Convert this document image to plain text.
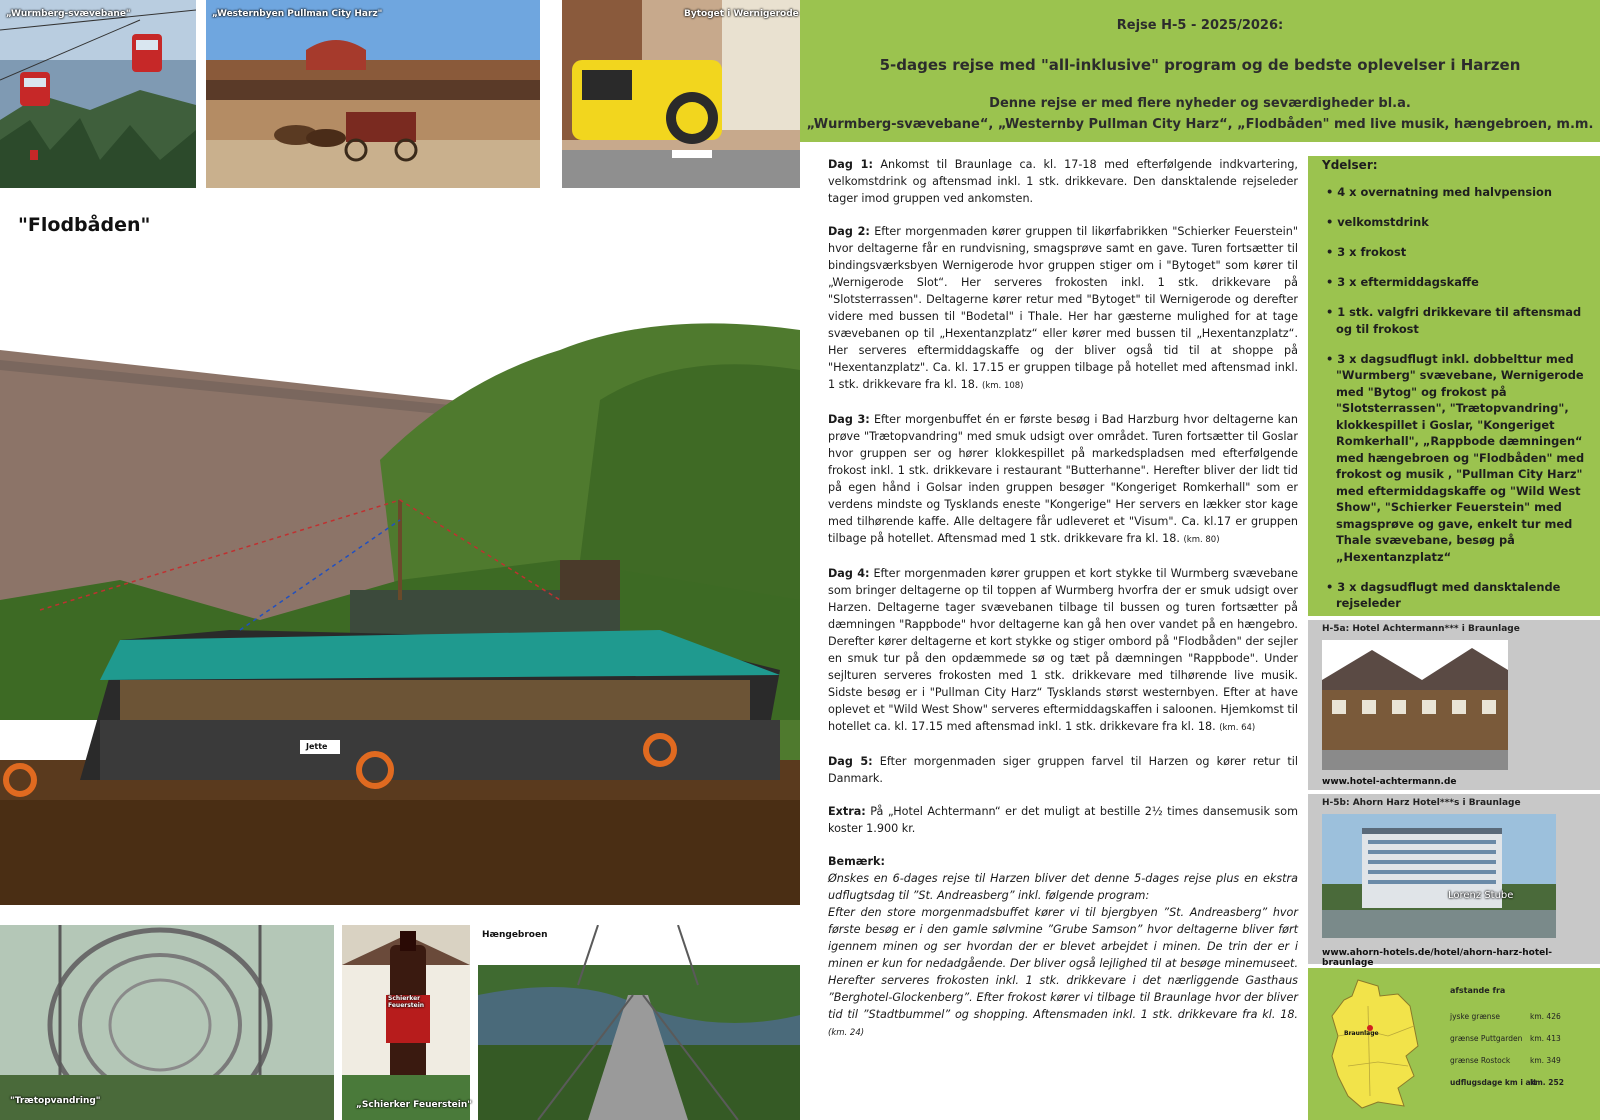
„Wurmberg-svævebane"	„Westernbyen Pullman City Harz"	Bytoget i Wernigerode
"Flodbåden"
Jette
"Trætopvandring"
Schierker Feuerstein
„Schierker Feuerstein"
Hængebroen
Rejse H-5 - 2025/2026:
5-dages rejse med "all-inklusive" program og de bedste oplevelser i Harzen
Denne rejse er med flere nyheder og seværdigheder bl.a.
„Wurmberg-svævebane“, „Westernby Pullman City Harz“, „Flodbåden" med live musik, hængebroen, m.m.

Dag 1: Ankomst til Braunlage ca. kl. 17-18 med efterfølgende indkvartering, velkomstdrink og aftensmad inkl. 1 stk. drikkevare. Den dansktalende rejseleder tager imod gruppen ved ankomsten.

Dag 2: Efter morgenmaden kører gruppen til likørfabrikken "Schierker Feuerstein" hvor deltagerne får en rundvisning, smagsprøve samt en gave. Turen fortsætter til bindingsværksbyen Wernigerode hvor gruppen stiger om i "Bytoget" som kører til „Wernigerode Slot“. Her serveres frokosten inkl. 1 stk. drikkevare på "Slotsterrassen". Deltagerne kører retur med "Bytoget" til Wernigerode og derefter videre med bussen til "Bodetal" i Thale. Her har gæsterne mulighed for at tage svævebanen op til „Hexentanzplatz“ eller kører med bussen til „Hexentanzplatz“. Her serveres eftermiddagskaffe og der bliver også tid til at shoppe på "Hexentanzplatz". Ca. kl. 17.15 er gruppen tilbage på hotellet med aftensmad inkl. 1 stk. drikkevare fra kl. 18. (km. 108)

Dag 3: Efter morgenbuffet én er første besøg i Bad Harzburg hvor deltagerne kan prøve "Trætopvandring" med smuk udsigt over området. Turen fortsætter til Goslar hvor gruppen ser og hører klokkespillet på markedspladsen med efterfølgende frokost inkl. 1 stk. drikkevare i restaurant "Butterhanne". Herefter bliver der lidt tid på egen hånd i Golsar inden gruppen besøger "Kongeriget Romkerhall" som er verdens mindste og Tysklands eneste "Kongerige" Her servers en lækker stor kage med tilhørende kaffe. Alle deltagere får udleveret et "Visum". Ca. kl.17 er gruppen tilbage på hotellet. Aftensmad med 1 stk. drikkevare fra kl. 18. (km. 80)

Dag 4: Efter morgenmaden kører gruppen et kort stykke til Wurmberg svævebane som bringer deltagerne op til toppen af Wurmberg hvorfra der er smuk udsigt over Harzen. Deltagerne tager svævebanen tilbage til bussen og turen fortsætter på dæmningen "Rappbode" hvor deltagerne kan gå hen over vandet på en hængebro. Derefter kører deltagerne et kort stykke og stiger ombord på "Flodbåden" der sejler en smuk tur på den opdæmmede sø og tæt på dæmningen "Rappbode". Under sejlturen serveres frokosten med 1 stk. drikkevare med tilhørende live musik. Sidste besøg er i "Pullman City Harz“ Tysklands størst westernbyen. Efter at have oplevet et "Wild West Show" serveres eftermiddagskaffen i saloonen. Hjemkomst til hotellet ca. kl. 17.15 med aftensmad inkl. 1 stk. drikkevare fra kl. 18. (km. 64)

Dag 5: Efter morgenmaden siger gruppen farvel til Harzen og kører retur til Danmark.

Extra: På „Hotel Achtermann“ er det muligt at bestille 2½ times dansemusik som koster 1.900 kr.

Bemærk:
Ønskes en 6-dages rejse til Harzen bliver det denne 5-dages rejse plus en ekstra udflugtsdag til ”St. Andreasberg” inkl. følgende program:
Efter den store morgenmadsbuffet kører vi til bjergbyen ”St. Andreasberg” hvor første besøg er i den gamle sølvmine ”Grube Samson” hvor deltagerne bliver ført igennem minen og ser hvordan der er blevet arbejdet i minen. De trin der er i minen er kun for nedadgående. Der bliver også lejlighed til at besøge minemuseet. Herefter serveres frokosten inkl. 1 stk. drikkevare i det nærliggende Gasthaus ”Berghotel-Glockenberg”. Efter frokost kører vi tilbage til Braunlage hvor der bliver tid til ”Stadtbummel” og shopping. Aftensmaden inkl. 1 stk. drikkevare fra kl. 18. (km. 24)
Ydelser:
• 4 x overnatning med halvpension
• velkomstdrink
• 3 x frokost
• 3 x eftermiddagskaffe
• 1 stk. valgfri drikkevare til aftensmad og til frokost
• 3 x dagsudflugt inkl. dobbelttur med "Wurmberg" svævebane, Wernigerode med "Bytog" og frokost på "Slotsterrassen", "Trætopvandring", klokkespillet i Goslar, "Kongeriget Romkerhall", „Rappbode dæmningen“ med hængebroen og "Flodbåden" med frokost og musik , "Pullman City Harz" med eftermiddagskaffe og "Wild West Show", "Schierker Feuerstein" med smagsprøve og gave, enkelt tur med Thale svævebane, besøg på „Hexentanzplatz“
• 3 x dagsudflugt med dansktalende rejseleder
H-5a: Hotel Achtermann*** i Braunlage
www.hotel-achtermann.de
H-5b: Ahorn Harz Hotel***s i Braunlage
Lorenz Stube
www.ahorn-hotels.de/hotel/ahorn-harz-hotel-braunlage
Braunlage
afstande fra
jyske grænse	km. 426
grænse Puttgarden km. 413
grænse Rostock	km. 349
udflugsdage km i alt
km. 252
